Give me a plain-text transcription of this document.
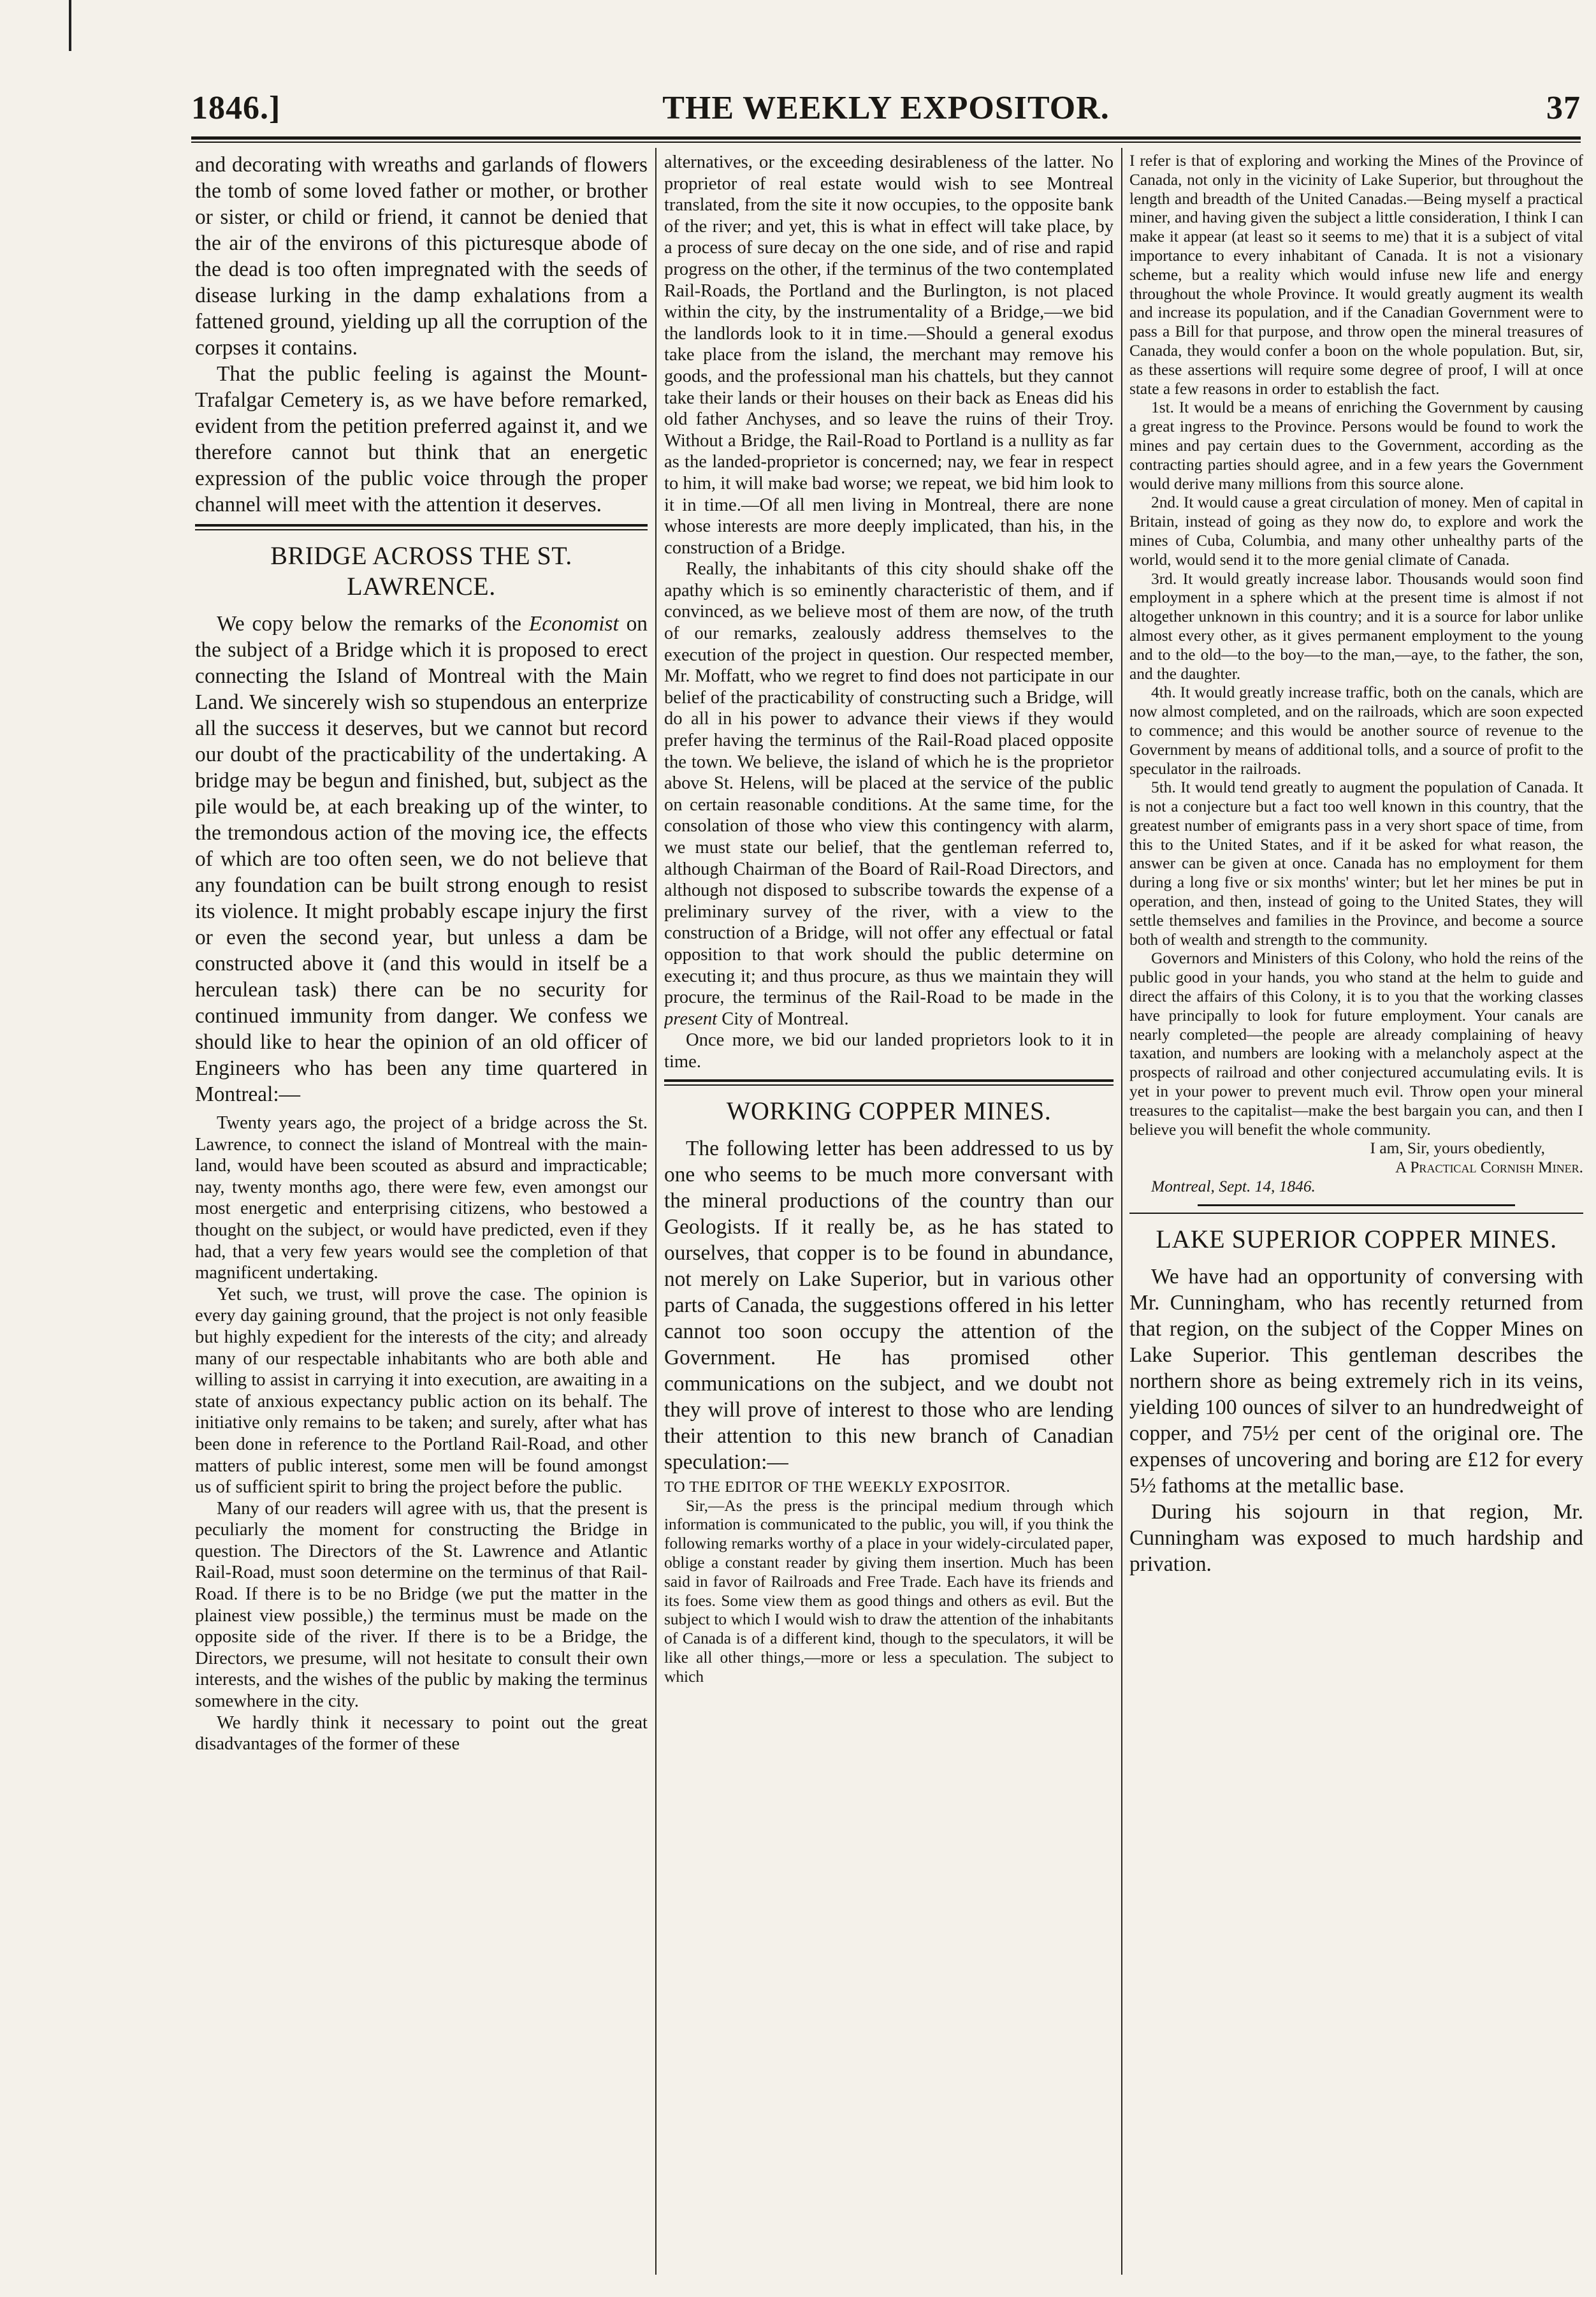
1846.]	THE WEEKLY EXPOSITOR.	37

and decorating with wreaths and garlands of flowers the tomb of some loved father or mother, or brother or sister, or child or friend, it cannot be denied that the air of the environs of this picturesque abode of the dead is too often impregnated with the seeds of disease lurking in the damp exhalations from a fattened ground, yielding up all the corruption of the corpses it contains.

That the public feeling is against the Mount-Trafalgar Cemetery is, as we have before remarked, evident from the petition preferred against it, and we therefore cannot but think that an energetic expression of the public voice through the proper channel will meet with the attention it deserves.

BRIDGE ACROSS THE ST. LAWRENCE.

We copy below the remarks of the Economist on the subject of a Bridge which it is proposed to erect connecting the Island of Montreal with the Main Land. We sincerely wish so stupendous an enterprize all the success it deserves, but we cannot but record our doubt of the practicability of the undertaking. A bridge may be begun and finished, but, subject as the pile would be, at each breaking up of the winter, to the tremondous action of the moving ice, the effects of which are too often seen, we do not believe that any foundation can be built strong enough to resist its violence. It might probably escape injury the first or even the second year, but unless a dam be constructed above it (and this would in itself be a herculean task) there can be no security for continued immunity from danger. We confess we should like to hear the opinion of an old officer of Engineers who has been any time quartered in Montreal:—

Twenty years ago, the project of a bridge across the St. Lawrence, to connect the island of Montreal with the main-land, would have been scouted as absurd and impracticable; nay, twenty months ago, there were few, even amongst our most energetic and enterprising citizens, who bestowed a thought on the subject, or would have predicted, even if they had, that a very few years would see the completion of that magnificent undertaking.

Yet such, we trust, will prove the case. The opinion is every day gaining ground, that the project is not only feasible but highly expedient for the interests of the city; and already many of our respectable inhabitants who are both able and willing to assist in carrying it into execution, are awaiting in a state of anxious expectancy public action on its behalf. The initiative only remains to be taken; and surely, after what has been done in reference to the Portland Rail-Road, and other matters of public interest, some men will be found amongst us of sufficient spirit to bring the project before the public.

Many of our readers will agree with us, that the present is peculiarly the moment for constructing the Bridge in question. The Directors of the St. Lawrence and Atlantic Rail-Road, must soon determine on the terminus of that Rail-Road. If there is to be no Bridge (we put the matter in the plainest view possible,) the terminus must be made on the opposite side of the river. If there is to be a Bridge, the Directors, we presume, will not hesitate to consult their own interests, and the wishes of the public by making the terminus somewhere in the city.

We hardly think it necessary to point out the great disadvantages of the former of these

alternatives, or the exceeding desirableness of the latter. No proprietor of real estate would wish to see Montreal translated, from the site it now occupies, to the opposite bank of the river; and yet, this is what in effect will take place, by a process of sure decay on the one side, and of rise and rapid progress on the other, if the terminus of the two contemplated Rail-Roads, the Portland and the Burlington, is not placed within the city, by the instrumentality of a Bridge,—we bid the landlords look to it in time.—Should a general exodus take place from the island, the merchant may remove his goods, and the professional man his chattels, but they cannot take their lands or their houses on their back as Eneas did his old father Anchyses, and so leave the ruins of their Troy. Without a Bridge, the Rail-Road to Portland is a nullity as far as the landed-proprietor is concerned; nay, we fear in respect to him, it will make bad worse; we repeat, we bid him look to it in time.—Of all men living in Montreal, there are none whose interests are more deeply implicated, than his, in the construction of a Bridge.

Really, the inhabitants of this city should shake off the apathy which is so eminently characteristic of them, and if convinced, as we believe most of them are now, of the truth of our remarks, zealously address themselves to the execution of the project in question. Our respected member, Mr. Moffatt, who we regret to find does not participate in our belief of the practicability of constructing such a Bridge, will do all in his power to advance their views if they would prefer having the terminus of the Rail-Road placed opposite the town. We believe, the island of which he is the proprietor above St. Helens, will be placed at the service of the public on certain reasonable conditions. At the same time, for the consolation of those who view this contingency with alarm, we must state our belief, that the gentleman referred to, although Chairman of the Board of Rail-Road Directors, and although not disposed to subscribe towards the expense of a preliminary survey of the river, with a view to the construction of a Bridge, will not offer any effectual or fatal opposition to that work should the public determine on executing it; and thus procure, as thus we maintain they will procure, the terminus of the Rail-Road to be made in the present City of Montreal.

Once more, we bid our landed proprietors look to it in time.

WORKING COPPER MINES.

The following letter has been addressed to us by one who seems to be much more conversant with the mineral productions of the country than our Geologists. If it really be, as he has stated to ourselves, that copper is to be found in abundance, not merely on Lake Superior, but in various other parts of Canada, the suggestions offered in his letter cannot too soon occupy the attention of the Government. He has promised other communications on the subject, and we doubt not they will prove of interest to those who are lending their attention to this new branch of Canadian speculation:—

TO THE EDITOR OF THE WEEKLY EXPOSITOR.

Sir,—As the press is the principal medium through which information is communicated to the public, you will, if you think the following remarks worthy of a place in your widely-circulated paper, oblige a constant reader by giving them insertion. Much has been said in favor of Railroads and Free Trade. Each have its friends and its foes. Some view them as good things and others as evil. But the subject to which I would wish to draw the attention of the inhabitants of Canada is of a different kind, though to the speculators, it will be like all other things,—more or less a speculation. The subject to which

I refer is that of exploring and working the Mines of the Province of Canada, not only in the vicinity of Lake Superior, but throughout the length and breadth of the United Canadas.—Being myself a practical miner, and having given the subject a little consideration, I think I can make it appear (at least so it seems to me) that it is a subject of vital importance to every inhabitant of Canada. It is not a visionary scheme, but a reality which would infuse new life and energy throughout the whole Province. It would greatly augment its wealth and increase its population, and if the Canadian Government were to pass a Bill for that purpose, and throw open the mineral treasures of Canada, they would confer a boon on the whole population. But, sir, as these assertions will require some degree of proof, I will at once state a few reasons in order to establish the fact.

1st. It would be a means of enriching the Government by causing a great ingress to the Province. Persons would be found to work the mines and pay certain dues to the Government, according as the contracting parties should agree, and in a few years the Government would derive many millions from this source alone.

2nd. It would cause a great circulation of money. Men of capital in Britain, instead of going as they now do, to explore and work the mines of Cuba, Columbia, and many other unhealthy parts of the world, would send it to the more genial climate of Canada.

3rd. It would greatly increase labor. Thousands would soon find employment in a sphere which at the present time is almost if not altogether unknown in this country; and it is a source for labor unlike almost every other, as it gives permanent employment to the young and to the old—to the boy—to the man,—aye, to the father, the son, and the daughter.

4th. It would greatly increase traffic, both on the canals, which are now almost completed, and on the railroads, which are soon expected to commence; and this would be another source of revenue to the Government by means of additional tolls, and a source of profit to the speculator in the railroads.

5th. It would tend greatly to augment the population of Canada. It is not a conjecture but a fact too well known in this country, that the greatest number of emigrants pass in a very short space of time, from this to the United States, and if it be asked for what reason, the answer can be given at once. Canada has no employment for them during a long five or six months' winter; but let her mines be put in operation, and then, instead of going to the United States, they will settle themselves and families in the Province, and become a source both of wealth and strength to the community.

Governors and Ministers of this Colony, who hold the reins of the public good in your hands, you who stand at the helm to guide and direct the affairs of this Colony, it is to you that the working classes have principally to look for future employment. Your canals are nearly completed—the people are already complaining of heavy taxation, and numbers are looking with a melancholy aspect at the prospects of railroad and other conjectured accumulating evils. It is yet in your power to prevent much evil. Throw open your mineral treasures to the capitalist—make the best bargain you can, and then I believe you will benefit the whole community.

I am, Sir, yours obediently,

A Practical Cornish Miner.

Montreal, Sept. 14, 1846.

LAKE SUPERIOR COPPER MINES.

We have had an opportunity of conversing with Mr. Cunningham, who has recently returned from that region, on the subject of the Copper Mines on Lake Superior. This gentleman describes the northern shore as being extremely rich in its veins, yielding 100 ounces of silver to an hundredweight of copper, and 75½ per cent of the original ore. The expenses of uncovering and boring are £12 for every 5½ fathoms at the metallic base.

During his sojourn in that region, Mr. Cunningham was exposed to much hardship and privation.
